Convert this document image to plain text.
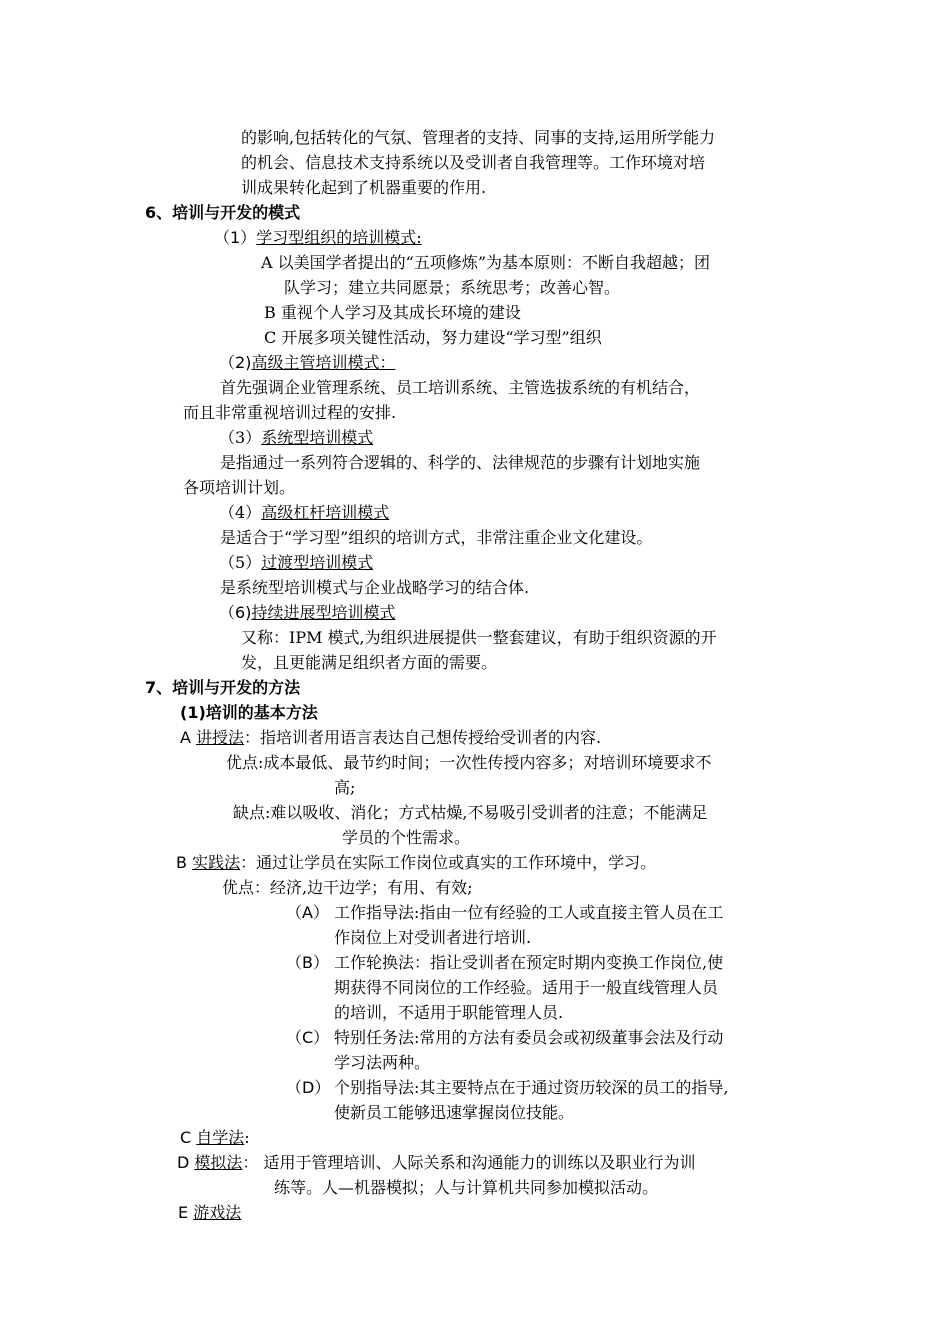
的影响,包括转化的气氛、管理者的支持、同事的支持,运用所学能力
的机会、信息技术支持系统以及受训者自我管理等。工作环境对培
训成果转化起到了机器重要的作用.
6、培训与开发的模式
（1）学习型组织的培训模式:
A 以美国学者提出的“五项修炼”为基本原则：不断自我超越；团
队学习；建立共同愿景；系统思考；改善心智。
B 重视个人学习及其成长环境的建设
C 开展多项关键性活动，努力建设“学习型”组织
（2)高级主管培训模式：
首先强调企业管理系统、员工培训系统、主管选拔系统的有机结合，
而且非常重视培训过程的安排.
（3）系统型培训模式
是指通过一系列符合逻辑的、科学的、法律规范的步骤有计划地实施
各项培训计划。
（4）高级杠杆培训模式
是适合于“学习型”组织的培训方式，非常注重企业文化建设。
（5）过渡型培训模式
是系统型培训模式与企业战略学习的结合体.
（6)持续进展型培训模式
又称：IPM 模式,为组织进展提供一整套建议，有助于组织资源的开
发，且更能满足组织者方面的需要。
7、培训与开发的方法
(1)培训的基本方法
A 讲授法：指培训者用语言表达自己想传授给受训者的内容.
优点:成本最低、最节约时间；一次性传授内容多；对培训环境要求不
高;
缺点:难以吸收、消化；方式枯燥,不易吸引受训者的注意；不能满足
学员的个性需求。
B 实践法：通过让学员在实际工作岗位或真实的工作环境中，学习。
优点：经济,边干边学；有用、有效;
（A） 工作指导法:指由一位有经验的工人或直接主管人员在工
作岗位上对受训者进行培训.
（B） 工作轮换法：指让受训者在预定时期内变换工作岗位,使
期获得不同岗位的工作经验。适用于一般直线管理人员
的培训，不适用于职能管理人员.
（C） 特别任务法:常用的方法有委员会或初级董事会法及行动
学习法两种。
（D） 个别指导法:其主要特点在于通过资历较深的员工的指导,
使新员工能够迅速掌握岗位技能。
C 自学法:
D 模拟法： 适用于管理培训、人际关系和沟通能力的训练以及职业行为训
练等。人—机器模拟；人与计算机共同参加模拟活动。
E 游戏法
